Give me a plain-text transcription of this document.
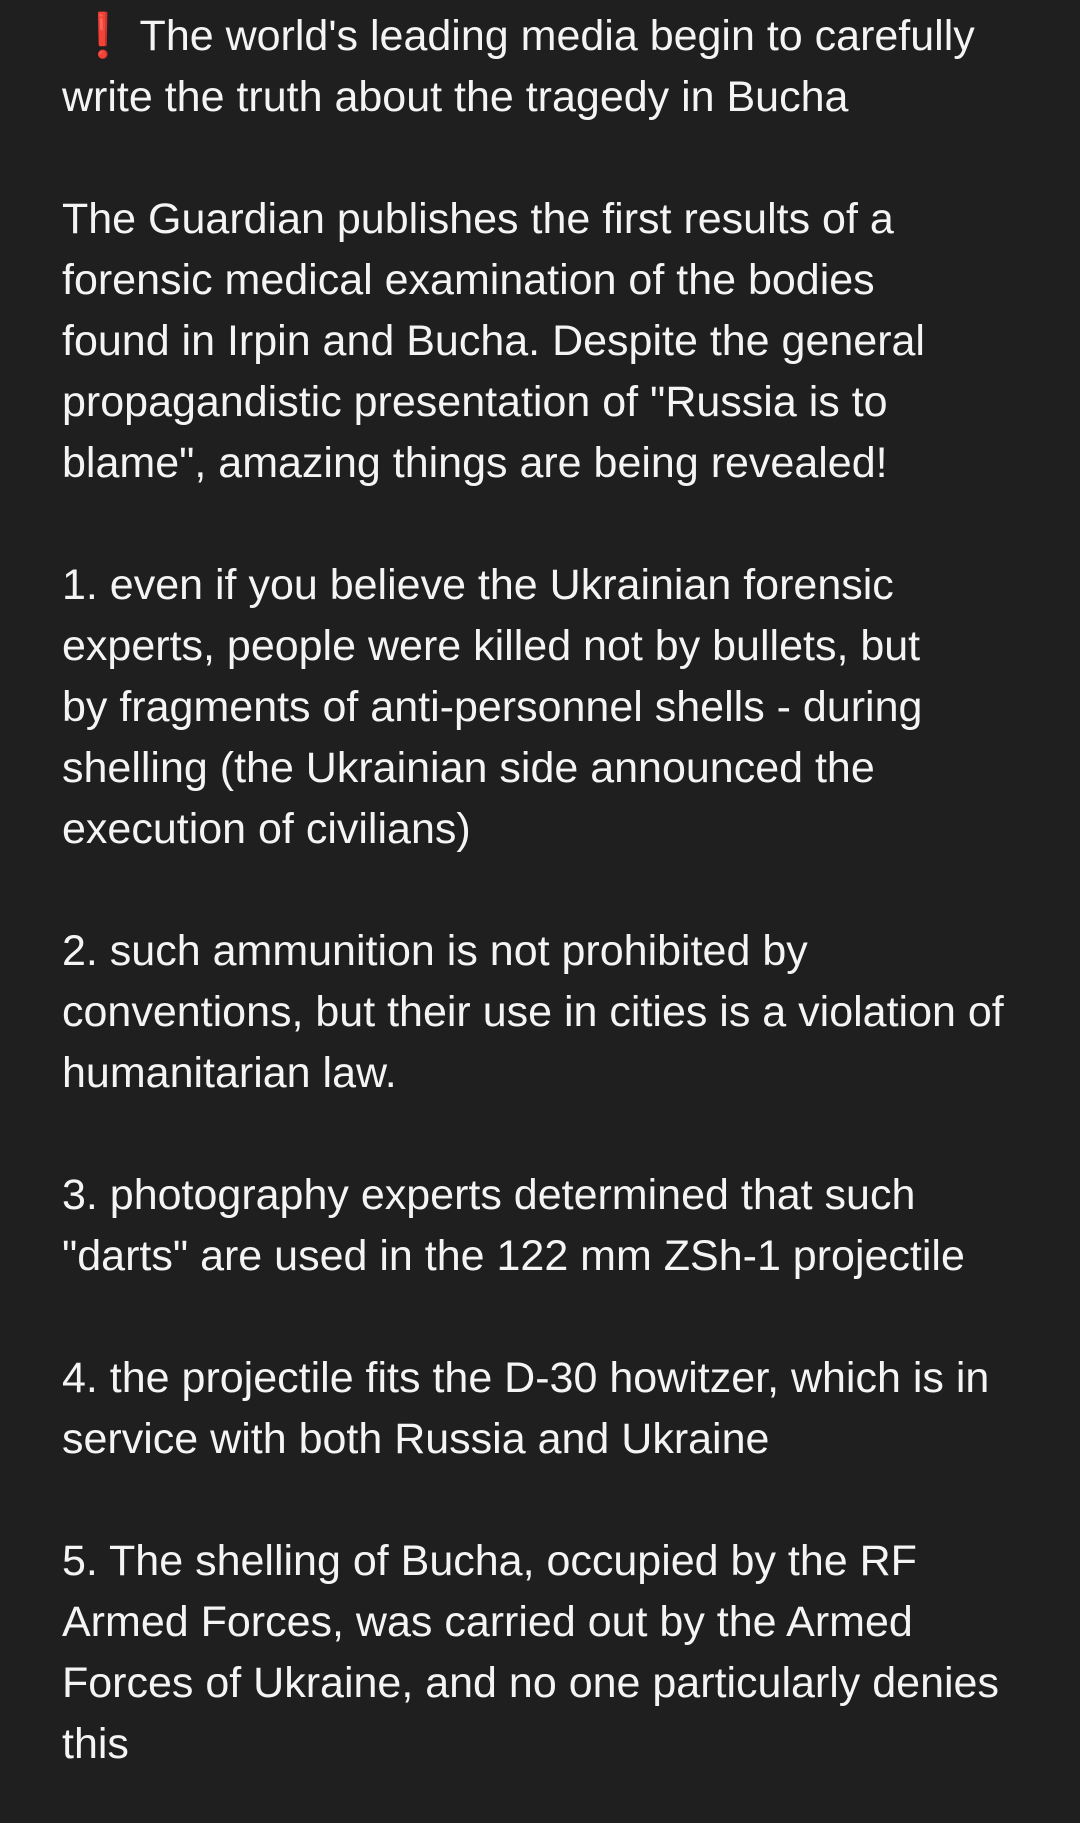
❗ The world's leading media begin to carefully
write the truth about the tragedy in Bucha

The Guardian publishes the first results of a
forensic medical examination of the bodies
found in Irpin and Bucha. Despite the general
propagandistic presentation of "Russia is to
blame", amazing things are being revealed!

1. even if you believe the Ukrainian forensic
experts, people were killed not by bullets, but
by fragments of anti-personnel shells - during
shelling (the Ukrainian side announced the
execution of civilians)

2. such ammunition is not prohibited by
conventions, but their use in cities is a violation of
humanitarian law.

3. photography experts determined that such
"darts" are used in the 122 mm ZSh-1 projectile

4. the projectile fits the D-30 howitzer, which is in
service with both Russia and Ukraine

5. The shelling of Bucha, occupied by the RF
Armed Forces, was carried out by the Armed
Forces of Ukraine, and no one particularly denies
this
